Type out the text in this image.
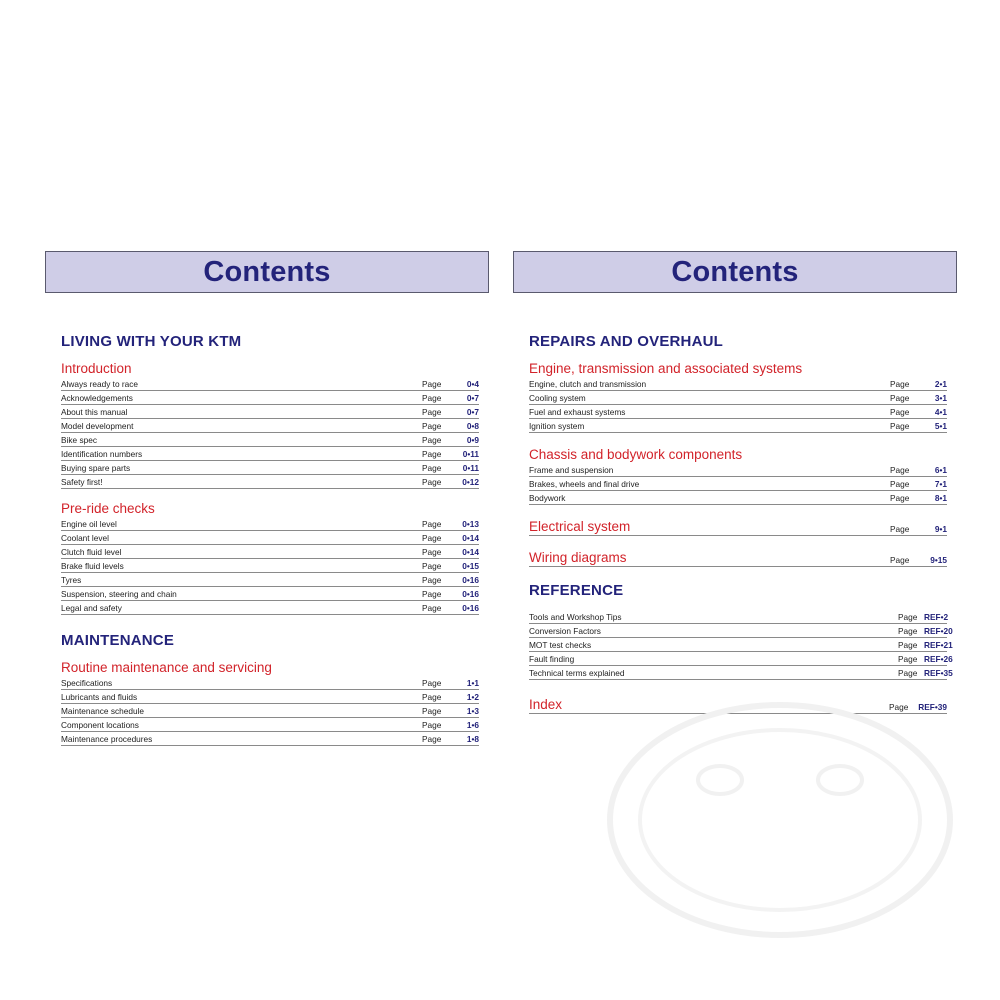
Contents
LIVING WITH YOUR KTM
Introduction
Always ready to race	Page	0•4
Acknowledgements	Page	0•7
About this manual	Page	0•7
Model development	Page	0•8
Bike spec	Page	0•9
Identification numbers	Page	0•11
Buying spare parts	Page	0•11
Safety first!	Page	0•12
Pre-ride checks
Engine oil level	Page	0•13
Coolant level	Page	0•14
Clutch fluid level	Page	0•14
Brake fluid levels	Page	0•15
Tyres	Page	0•16
Suspension, steering and chain	Page	0•16
Legal and safety	Page	0•16
MAINTENANCE
Routine maintenance and servicing
Specifications	Page	1•1
Lubricants and fluids	Page	1•2
Maintenance schedule	Page	1•3
Component locations	Page	1•6
Maintenance procedures	Page	1•8
Contents
REPAIRS AND OVERHAUL
Engine, transmission and associated systems
Engine, clutch and transmission	Page	2•1
Cooling system	Page	3•1
Fuel and exhaust systems	Page	4•1
Ignition system	Page	5•1
Chassis and bodywork components
Frame and suspension	Page	6•1
Brakes, wheels and final drive	Page	7•1
Bodywork	Page	8•1
Electrical system	Page	9•1
Wiring diagrams	Page	9•15
REFERENCE
Tools and Workshop Tips	Page REF•2
Conversion Factors	Page REF•20
MOT test checks	Page REF•21
Fault finding	Page REF•26
Technical terms explained	Page REF•35
Index	Page	REF•39
